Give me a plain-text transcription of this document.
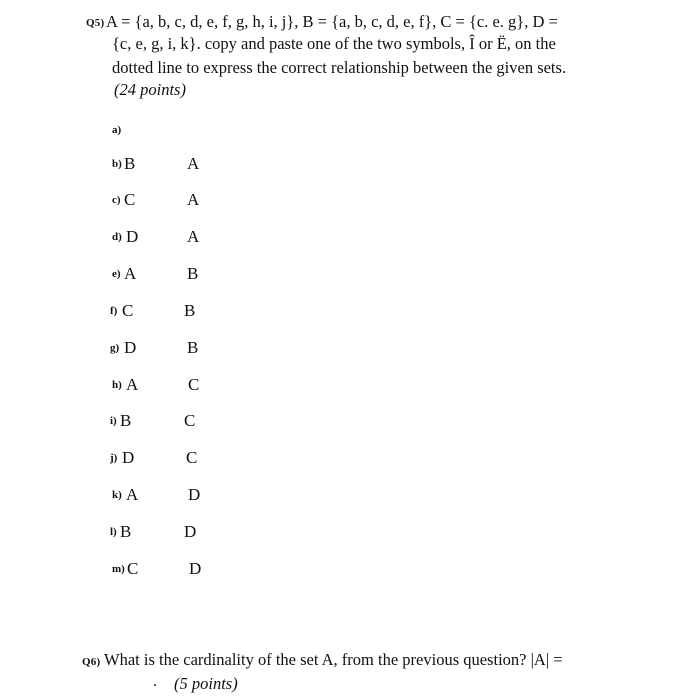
Q5) A = {a, b, c, d, e, f, g, h, i, j}, B = {a, b, c, d, e, f}, C = {c. e. g}, D =
{c, e, g, i, k}. copy and paste one of the two symbols, Î or Ë, on the
dotted line to express the correct relationship between the given sets.
(24 points)
a)
b) B	A
c) C	A
d) D	A
e) A	B
f) C	B
g) D	B
h) A	C
i) B	C
j) D	C
k) A	D
l) B	D
m) C	D
Q6) What is the cardinality of the set A, from the previous question? |A| =
. (5 points)
